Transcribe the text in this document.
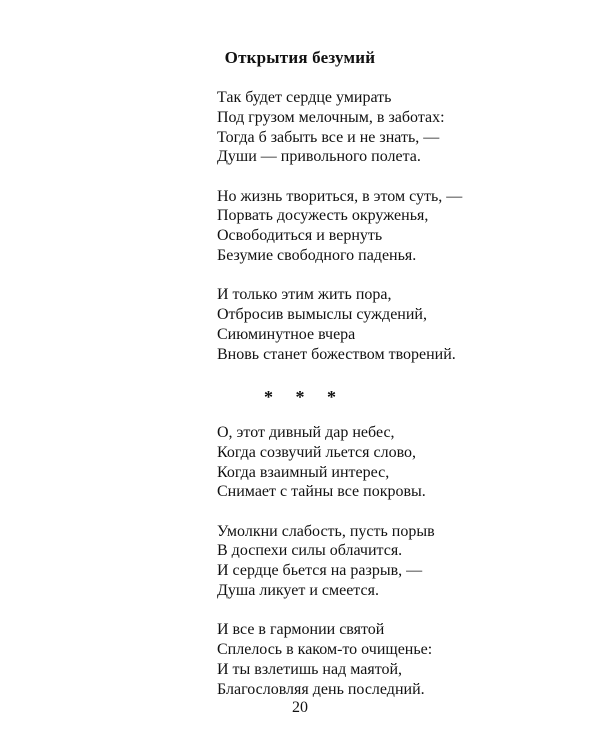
Открытия безумий
Так будет сердце умирать
Под грузом мелочным, в заботах:
Тогда б забыть все и не знать, —
Души — привольного полета.
Но жизнь твориться, в этом суть, —
Порвать досужесть окруженья,
Освободиться и вернуть
Безумие свободного паденья.
И только этим жить пора,
Отбросив вымыслы суждений,
Сиюминутное вчера
Вновь станет божеством творений.
* * *
О, этот дивный дар небес,
Когда созвучий льется слово,
Когда взаимный интерес,
Снимает с тайны все покровы.
Умолкни слабость, пусть порыв
В доспехи силы облачится.
И сердце бьется на разрыв, —
Душа ликует и смеется.
И все в гармонии святой
Сплелось в каком-то очищенье:
И ты взлетишь над маятой,
Благословляя день последний.
20
